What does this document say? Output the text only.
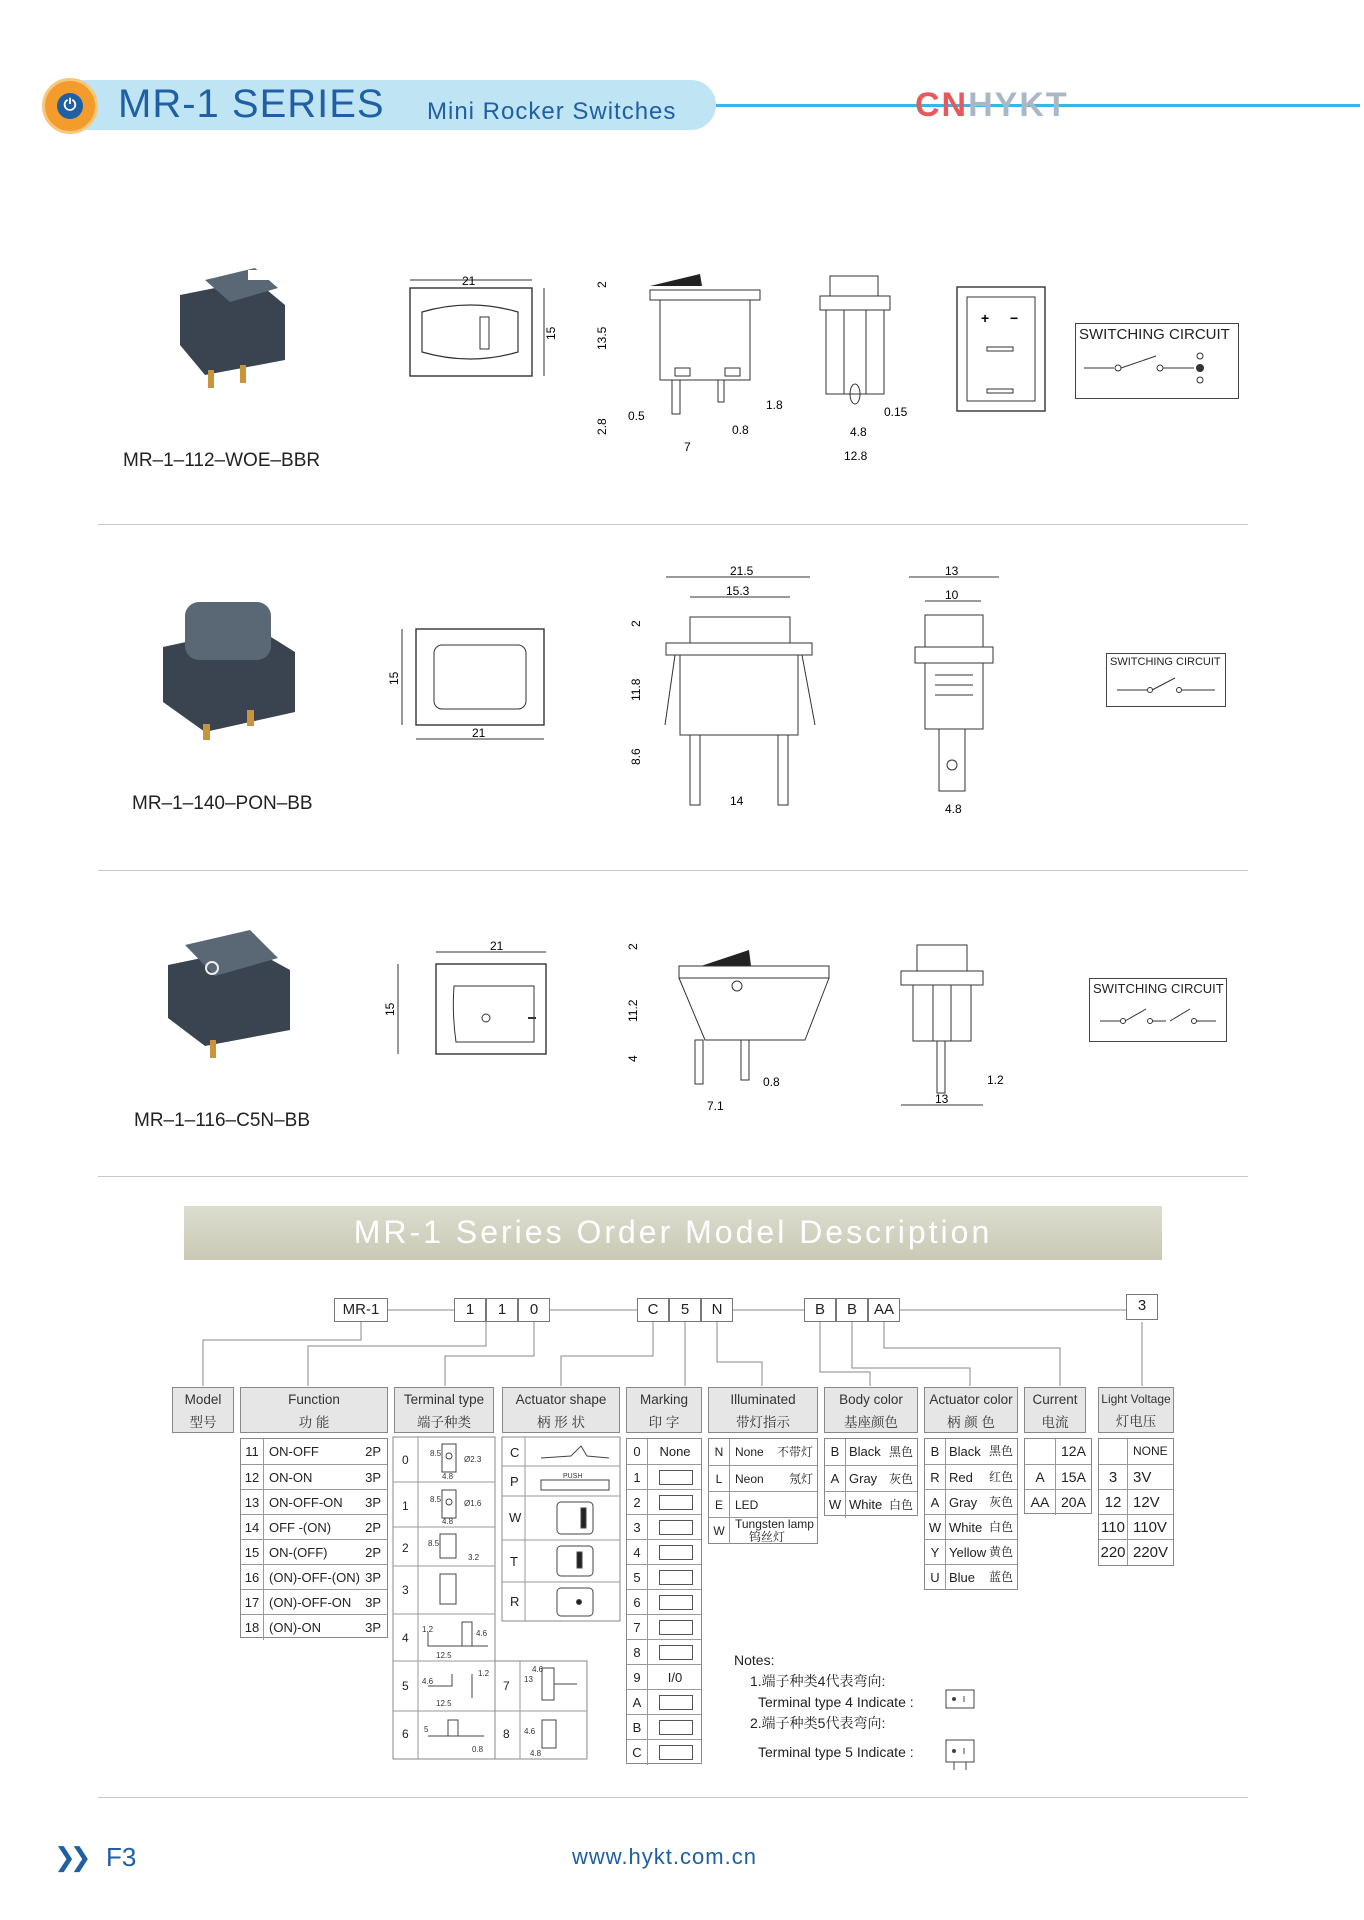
⏻ MR-1 SERIES Mini Rocker Switches	CNHYKT
MR–1–112–WOE–BBR
21
15
2
13.5
2.8
0.5
0.8
1.8
7
0.15
4.8
12.8
+ −
SWITCHING CIRCUIT
MR–1–140–PON–BB
15
21
21.5
15.3
2
11.8
8.6
14
13
10
4.8
SWITCHING CIRCUIT
MR–1–116–C5N–BB
21
15
2
11.2
4
0.8
7.1
1.2
13
SWITCHING CIRCUIT
MR-1 Series Order Model Description
MR-1	1	1	0	C	5	N	B	B	AA	3
Model
型号
Function
功 能
Terminal type
端子种类
Actuator shape
柄 形 状
Marking
印 字
Illuminated
带灯指示
Body color
基座颜色
Actuator color
柄 颜 色
Current
电流
Light Voltage
灯电压
11 ON-OFF	2P
12 ON-ON	3P
13 ON-OFF-ON 3P
14 OFF -(ON)	2P
15 ON-(OFF)	2P
16 (ON)-OFF-(ON) 3P
17 (ON)-OFF-ON 3P
18 (ON)-ON	3P
0
1
2
3
4
5
6
7
8
8.5
4.8
Ø2.3
8.5
4.8
Ø1.6
8.5
3.2
1.2
12.5
4.6
4.6
12.5
1.2
5
0.8
13
4.6
4.6
4.8
PUSH
C
P
W
T
R
0	None
1
2
3
4
5
6
7
8
9	I/0
A
B
C
N None 不带灯
L	Neon 氖灯
E	LED
W Tungsten lamp
钨丝灯
B Black 黑色
A Gray 灰色
W White 白色
B Black 黑色
R Red 红色
A Gray 灰色
W White 白色
Y Yellow 黄色
U Blue 蓝色
12A
A	15A
AA 20A
NONE
3	3V
12 12V
110 110V
220 220V
Notes:
1.端子种类4代表弯向:
Terminal type 4 Indicate :
2.端子种类5代表弯向:
Terminal type 5 Indicate :
❯❯ F3	www.hykt.com.cn
